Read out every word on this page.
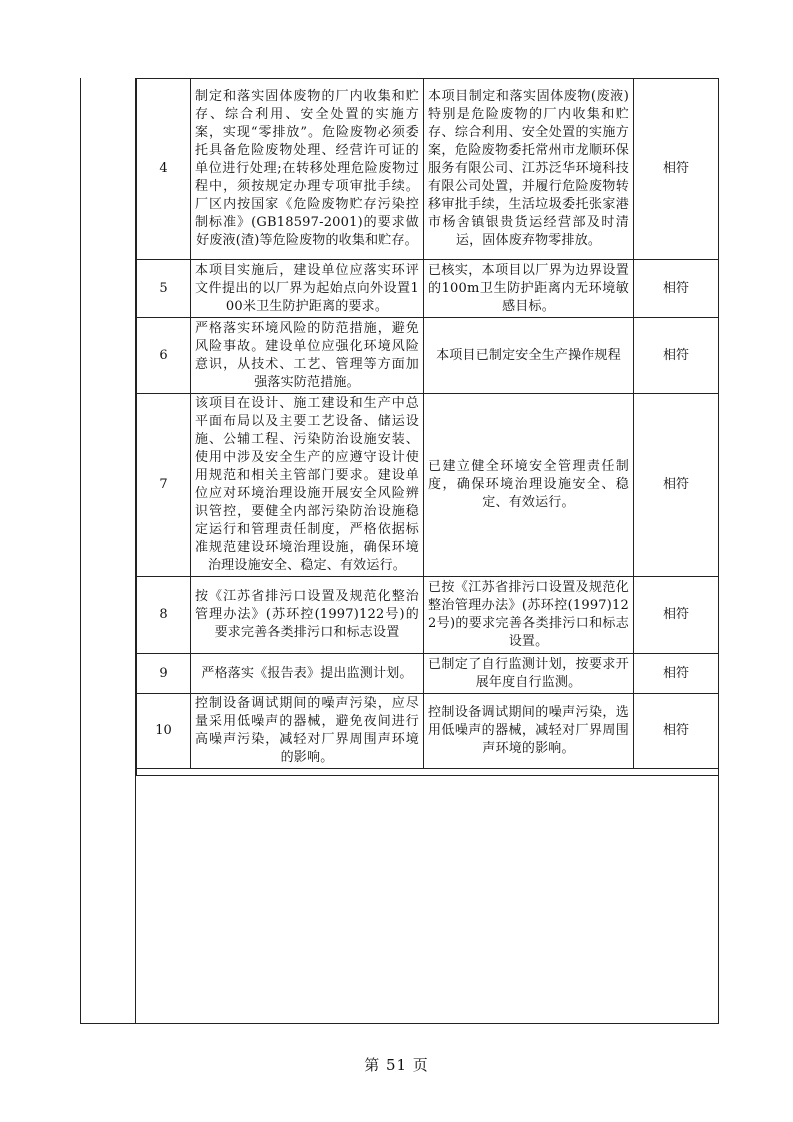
4	制定和落实固体废物的厂内收集和贮存、综合利用、安全处置的实施方案，实现“零排放”。危险废物必须委托具备危险废物处理、经营许可证的单位进行处理;在转移处理危险废物过程中，须按规定办理专项审批手续。厂区内按国家《危险废物贮存污染控制标准》(GB18597-2001)的要求做好废液(渣)等危险废物的收集和贮存。	本项目制定和落实固体废物(废液)特别是危险废物的厂内收集和贮存、综合利用、安全处置的实施方案，危险废物委托常州市龙顺环保服务有限公司、江苏泛华环境科技有限公司处置，并履行危险废物转移审批手续，生活垃圾委托张家港市杨舍镇银贵货运经营部及时清运，固体废弃物零排放。	相符
5	本项目实施后，建设单位应落实环评文件提出的以厂界为起始点向外设置100米卫生防护距离的要求。	已核实，本项目以厂界为边界设置的100m卫生防护距离内无环境敏感目标。	相符
6	严格落实环境风险的防范措施，避免风险事故。建设单位应强化环境风险意识，从技术、工艺、管理等方面加强落实防范措施。	本项目已制定安全生产操作规程	相符
7	该项目在设计、施工建设和生产中总平面布局以及主要工艺设备、储运设施、公辅工程、污染防治设施安装、使用中涉及安全生产的应遵守设计使用规范和相关主管部门要求。建设单位应对环境治理设施开展安全风险辨识管控，要健全内部污染防治设施稳定运行和管理责任制度，严格依据标准规范建设环境治理设施，确保环境治理设施安全、稳定、有效运行。	已建立健全环境安全管理责任制度，确保环境治理设施安全、稳定、有效运行。	相符
8	按《江苏省排污口设置及规范化整治管理办法》(苏环控(1997)122号)的要求完善各类排污口和标志设置	已按《江苏省排污口设置及规范化整治管理办法》(苏环控(1997)122号)的要求完善各类排污口和标志设置。	相符
9	严格落实《报告表》提出监测计划。	已制定了自行监测计划，按要求开展年度自行监测。	相符
10	控制设备调试期间的噪声污染，应尽量采用低噪声的器械，避免夜间进行高噪声污染，减轻对厂界周围声环境的影响。	控制设备调试期间的噪声污染，选用低噪声的器械，减轻对厂界周围声环境的影响。	相符

第 51 页
